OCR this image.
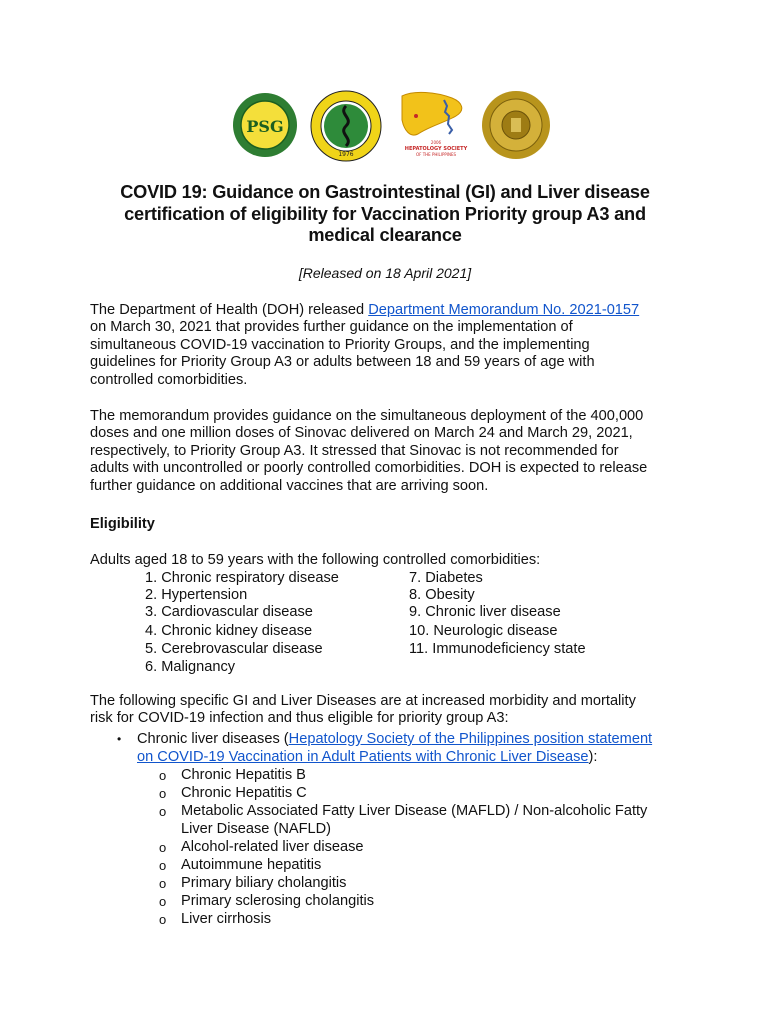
PSG
1976
2006
HEPATOLOGY SOCIETY
OF THE PHILIPPINES
COVID 19: Guidance on Gastrointestinal (GI) and Liver disease
certification of eligibility for Vaccination Priority group A3 and
medical clearance
[Released on 18 April 2021]

The Department of Health (DOH) released Department Memorandum No. 2021-0157
on March 30, 2021 that provides further guidance on the implementation of
simultaneous COVID-19 vaccination to Priority Groups, and the implementing
guidelines for Priority Group A3 or adults between 18 and 59 years of age with
controlled comorbidities.

The memorandum provides guidance on the simultaneous deployment of the 400,000
doses and one million doses of Sinovac delivered on March 24 and March 29, 2021,
respectively, to Priority Group A3. It stressed that Sinovac is not recommended for
adults with uncontrolled or poorly controlled comorbidities. DOH is expected to release
further guidance on additional vaccines that are arriving soon.

Eligibility
Adults aged 18 to 59 years with the following controlled comorbidities:
1. Chronic respiratory disease
2. Hypertension
3. Cardiovascular disease
4. Chronic kidney disease
5. Cerebrovascular disease
6. Malignancy
7. Diabetes
8. Obesity
9. Chronic liver disease
10. Neurologic disease
11. Immunodeficiency state

The following specific GI and Liver Diseases are at increased morbidity and mortality
risk for COVID-19 infection and thus eligible for priority group A3:

• Chronic liver diseases (Hepatology Society of the Philippines position statement
on COVID-19 Vaccination in Adult Patients with Chronic Liver Disease):
o Chronic Hepatitis B
o Chronic Hepatitis C
o Metabolic Associated Fatty Liver Disease (MAFLD) / Non-alcoholic Fatty
Liver Disease (NAFLD)
o Alcohol-related liver disease
o Autoimmune hepatitis
o Primary biliary cholangitis
o Primary sclerosing cholangitis
o Liver cirrhosis
